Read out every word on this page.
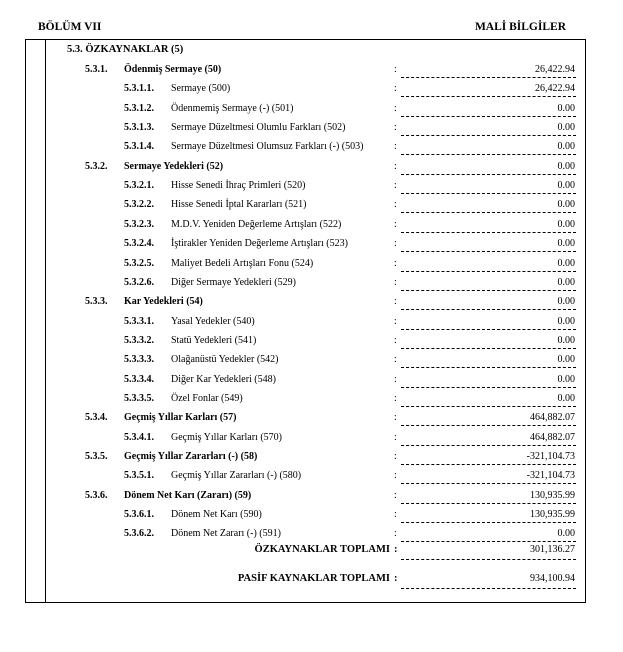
BÖLÜM VII	MALİ BİLGİLER
5.3. ÖZKAYNAKLAR (5)
5.3.1. Ödenmiş Sermaye (50)	:	26,422.94
5.3.1.1. Sermaye (500)	:	26,422.94
5.3.1.2. Ödenmemiş Sermaye (-) (501)	:	0.00
5.3.1.3. Sermaye Düzeltmesi Olumlu Farkları (502)	:	0.00
5.3.1.4. Sermaye Düzeltmesi Olumsuz Farkları (-) (503)	:	0.00
5.3.2. Sermaye Yedekleri (52)	:	0.00
5.3.2.1. Hisse Senedi İhraç Primleri (520)	:	0.00
5.3.2.2. Hisse Senedi İptal Kararları (521)	:	0.00
5.3.2.3. M.D.V. Yeniden Değerleme Artışları (522)	:	0.00
5.3.2.4. İştirakler Yeniden Değerleme Artışları (523)	:	0.00
5.3.2.5. Maliyet Bedeli Artışları Fonu (524)	:	0.00
5.3.2.6. Diğer Sermaye Yedekleri (529)	:	0.00
5.3.3. Kar Yedekleri (54)	:	0.00
5.3.3.1. Yasal Yedekler (540)	:	0.00
5.3.3.2. Statü Yedekleri (541)	:	0.00
5.3.3.3. Olağanüstü Yedekler (542)	:	0.00
5.3.3.4. Diğer Kar Yedekleri (548)	:	0.00
5.3.3.5. Özel Fonlar (549)	:	0.00
5.3.4. Geçmiş Yıllar Karları (57)	:	464,882.07
5.3.4.1. Geçmiş Yıllar Karları (570)	:	464,882.07
5.3.5. Geçmiş Yıllar Zararları (-) (58)	:	-321,104.73
5.3.5.1. Geçmiş Yıllar Zararları (-) (580)	:	-321,104.73
5.3.6. Dönem Net Karı (Zararı) (59)	:	130,935.99
5.3.6.1. Dönem Net Karı (590)	:	130,935.99
5.3.6.2. Dönem Net Zararı (-) (591)	:	0.00
ÖZKAYNAKLAR TOPLAMI :	301,136.27
PASİF KAYNAKLAR TOPLAMI :	934,100.94
